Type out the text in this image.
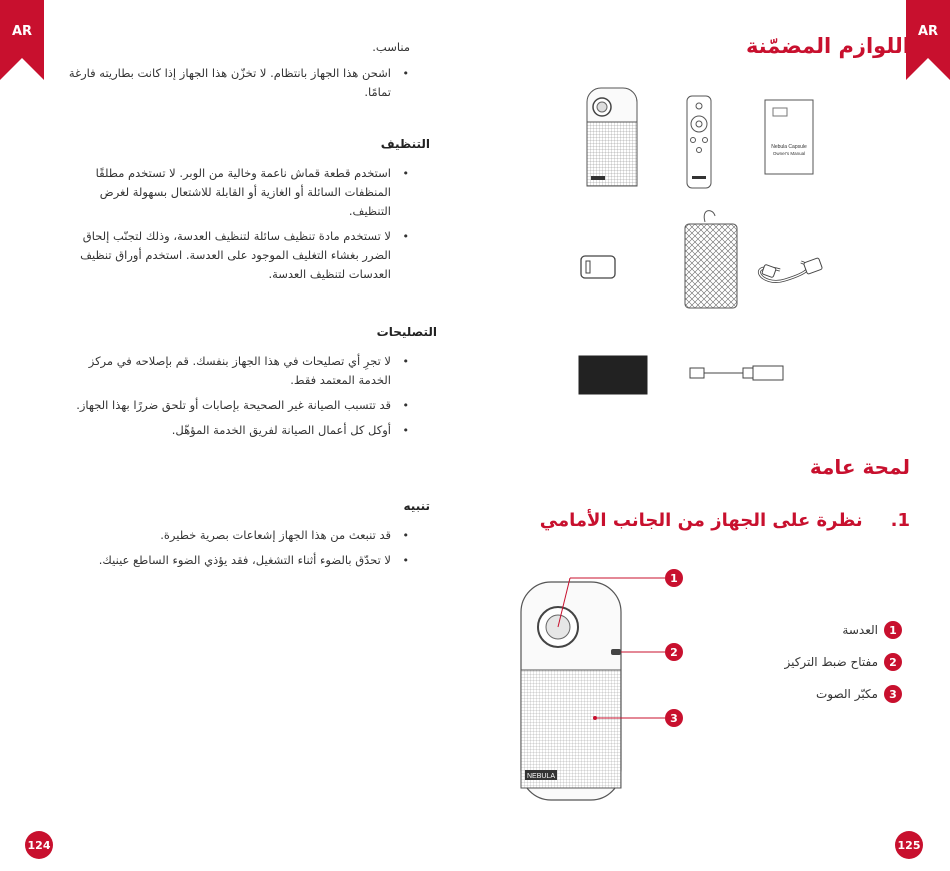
AR
مناسب.
• اشحن هذا الجهاز بانتظام. لا تخزّن هذا الجهاز إذا كانت بطاريته فارغة تمامًا.
التنظيف
• استخدم قطعة قماش ناعمة وخالية من الوبر. لا تستخدم مطلقًا المنظفات السائلة أو الغازية أو القابلة للاشتعال بسهولة لغرض التنظيف.
• لا تستخدم مادة تنظيف سائلة لتنظيف العدسة، وذلك لتجنّب إلحاق الضرر بغشاء التغليف الموجود على العدسة. استخدم أوراق تنظيف العدسات لتنظيف العدسة.
التصليحات
• لا تجرِ أي تصليحات في هذا الجهاز بنفسك. قم بإصلاحه في مركز الخدمة المعتمد فقط.
• قد تتسبب الصيانة غير الصحيحة بإصابات أو تلحق ضررًا بهذا الجهاز.
• أوكل كل أعمال الصيانة لفريق الخدمة المؤهّل.
تنبيه
• قد تنبعث من هذا الجهاز إشعاعات بصرية خطيرة.
• لا تحدّق بالضوء أثناء التشغيل، فقد يؤذي الضوء الساطع عينيك.
124
AR
اللوازم المضمّنة
Nebula Capsule
Owner's Manual
لمحة عامة
1.نظرة على الجهاز من الجانب الأمامي
NEBULA
1
2
3
1
العدسة
2
مفتاح ضبط التركيز
3
مكبّر الصوت
125
